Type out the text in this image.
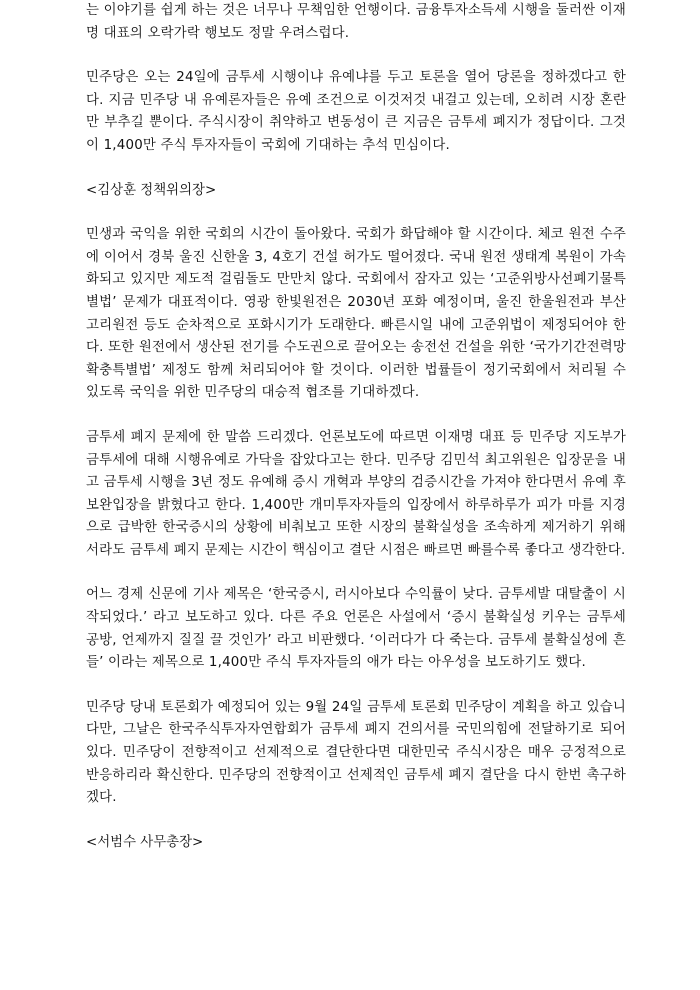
는 이야기를 쉽게 하는 것은 너무나 무책임한 언행이다. 금융투자소득세 시행을 둘러싼 이재명 대표의 오락가락 행보도 정말 우려스럽다.

민주당은 오는 24일에 금투세 시행이냐 유예냐를 두고 토론을 열어 당론을 정하겠다고 한다. 지금 민주당 내 유예론자들은 유예 조건으로 이것저것 내걸고 있는데, 오히려 시장 혼란만 부추길 뿐이다. 주식시장이 취약하고 변동성이 큰 지금은 금투세 폐지가 정답이다. 그것이 1,400만 주식 투자자들이 국회에 기대하는 추석 민심이다.

<김상훈 정책위의장>

민생과 국익을 위한 국회의 시간이 돌아왔다. 국회가 화답해야 할 시간이다. 체코 원전 수주에 이어서 경북 울진 신한울 3, 4호기 건설 허가도 떨어졌다. 국내 원전 생태계 복원이 가속화되고 있지만 제도적 걸림돌도 만만치 않다. 국회에서 잠자고 있는 ‘고준위방사선폐기물특별법’ 문제가 대표적이다. 영광 한빛원전은 2030년 포화 예정이며, 울진 한울원전과 부산 고리원전 등도 순차적으로 포화시기가 도래한다. 빠른시일 내에 고준위법이 제정되어야 한다. 또한 원전에서 생산된 전기를 수도권으로 끌어오는 송전선 건설을 위한 ‘국가기간전력망확충특별법’ 제정도 함께 처리되어야 할 것이다. 이러한 법률들이 정기국회에서 처리될 수 있도록 국익을 위한 민주당의 대승적 협조를 기대하겠다.

금투세 폐지 문제에 한 말씀 드리겠다. 언론보도에 따르면 이재명 대표 등 민주당 지도부가 금투세에 대해 시행유예로 가닥을 잡았다고는 한다. 민주당 김민석 최고위원은 입장문을 내고 금투세 시행을 3년 정도 유예해 증시 개혁과 부양의 검증시간을 가져야 한다면서 유예 후 보완입장을 밝혔다고 한다. 1,400만 개미투자자들의 입장에서 하루하루가 피가 마를 지경으로 급박한 한국증시의 상황에 비춰보고 또한 시장의 불확실성을 조속하게 제거하기 위해서라도 금투세 폐지 문제는 시간이 핵심이고 결단 시점은 빠르면 빠를수록 좋다고 생각한다.

어느 경제 신문에 기사 제목은 ‘한국증시, 러시아보다 수익률이 낮다. 금투세발 대탈출이 시작되었다.’ 라고 보도하고 있다. 다른 주요 언론은 사설에서 ‘증시 불확실성 키우는 금투세 공방, 언제까지 질질 끌 것인가’ 라고 비판했다. ‘이러다가 다 죽는다. 금투세 불확실성에 흔들’ 이라는 제목으로 1,400만 주식 투자자들의 애가 타는 아우성을 보도하기도 했다.

민주당 당내 토론회가 예정되어 있는 9월 24일 금투세 토론회 민주당이 계획을 하고 있습니다만, 그날은 한국주식투자자연합회가 금투세 폐지 건의서를 국민의힘에 전달하기로 되어 있다. 민주당이 전향적이고 선제적으로 결단한다면 대한민국 주식시장은 매우 긍정적으로 반응하리라 확신한다. 민주당의 전향적이고 선제적인 금투세 폐지 결단을 다시 한번 촉구하겠다.

<서범수 사무총장>
